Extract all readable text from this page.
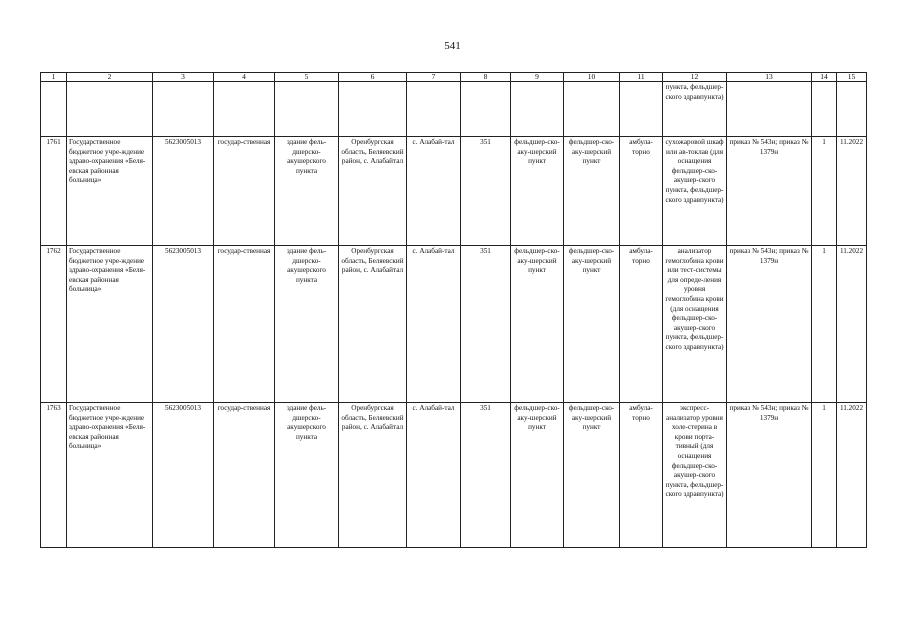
541
1	2	3	4	5	6	7	8	9	10	11	12	13	14	15
											пункта, фельдшер-ского здравпункта)			
1761	Государственное бюджетное учре-ждение здраво-охранения «Беля-евская районная больница»	5623005013	государ-ственная	здание фель-дшерско-акушерского пункта	Оренбургская область, Беляевский район, с. Алабайтал	с. Алабай-тал	351	фельдшер-ско-аку-шерский пункт	фельдшер-ско-аку-шерский пункт	амбула-торно	сухожаровой шкаф или ав-токлав (для оснащения фельдшер-ско-акушер-ского пункта, фельдшер-ского здравпункта)	приказ № 543н; приказ № 1379н	1	11.2022
1762	Государственное бюджетное учре-ждение здраво-охранения «Беля-евская районная больница»	5623005013	государ-ственная	здание фель-дшерско-акушерского пункта	Оренбургская область, Беляевский район, с. Алабайтал	с. Алабай-тал	351	фельдшер-ско-аку-шерский пункт	фельдшер-ско-аку-шерский пункт	амбула-торно	анализатор гемоглобина крови или тест-системы для опреде-ления уровня гемоглобина крови (для оснащения фельдшер-ско-акушер-ского пункта, фельдшер-ского здравпункта)	приказ № 543н; приказ № 1379н	1	11.2022
1763	Государственное бюджетное учре-ждение здраво-охранения «Беля-евская районная больница»	5623005013	государ-ственная	здание фель-дшерско-акушерского пункта	Оренбургская область, Беляевский район, с. Алабайтал	с. Алабай-тал	351	фельдшер-ско-аку-шерский пункт	фельдшер-ско-аку-шерский пункт	амбула-торно	экспресс-анализатор уровня холе-стерина в крови порта-тивный (для оснащения фельдшер-ско-акушер-ского пункта, фельдшер-ского здравпункта)	приказ № 543н; приказ № 1379н	1	11.2022
